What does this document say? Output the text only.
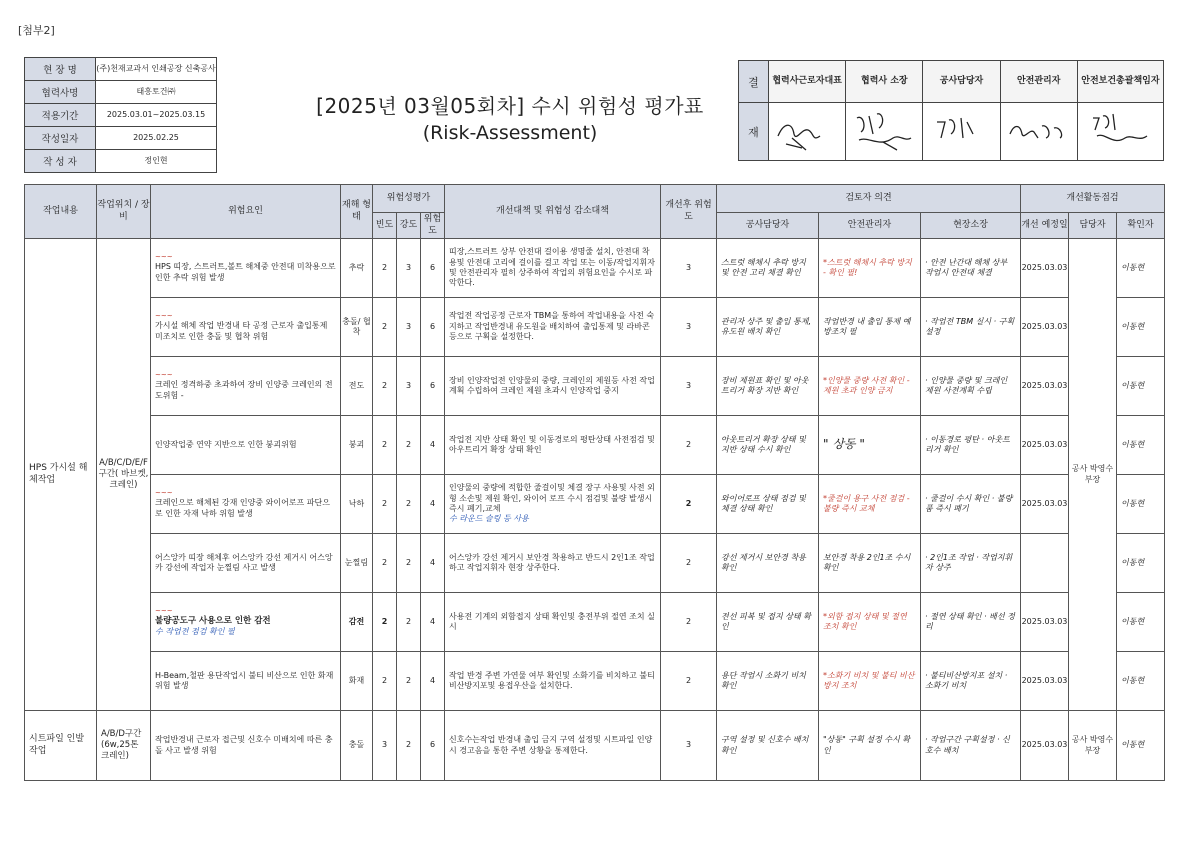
[첨부2]
현 장 명	(주)천재교과서 인쇄공장 신축공사
협력사명	태흥토건㈜
적용기간	2025.03.01~2025.03.15
작성일자	2025.02.25
작 성 자	정인현
[2025년 03월05회차] 수시 위험성 평가표
(Risk-Assessment)
결	협력사근로자대표	협력사 소장	공사담당자	안전관리자	안전보건총괄책임자
재					
작업내용	작업위치 / 장비	위험요인	재해 형태	위험성평가			개선대책 및 위험성 감소대책	개선후 위험도	검토자 의견			개선활동점검		
				빈도	강도	위험도			공사담당자	안전관리자	현장소장	개선 예정일	담당자	확인자
HPS 가시설 해체작업	A/B/C/D/E/F구간( 바브켓, 크레인)	~~~
HPS 띠장, 스트러트,볼트 해체중 안전대 미착용으로 인한 추락 위험 발생	추락	2	3	6	띠장,스트러트 상부 안전대 걸이용 생명줄 설치, 안전대 착용및 안전대 고리에 걸이를 걸고 작업 또는 이동/작업지휘자및 안전관리자 필히 상주하여 작업의 위험요인을 수시로 파악한다.	3	스트럿 해체시 추락 방지 및 안전 고리 체결 확인	*스트럿 해체시 추락 방지 - 확인 필!	· 안전 난간대 해체 상부 작업시 안전대 체결	2025.03.03	공사 박영수부장	이동현

		~~~
가시설 해체 작업 반경내 타 공정 근로자 출입통제 미조치로 인한 충돌 및 협착 위험	충돌/ 협착	2	3	6	작업전 작업공정 근로자 TBM을 통하여 작업내용을 사전 숙지하고 작업반경내 유도원을 배치하여 출입통제 및 라바콘등으로 구획을 설정한다.	3	관리자 상주 및 출입 통제, 유도원 배치 확인	작업반경 내 출입 통제 예방조치 필	· 작업전 TBM 실시 · 구획 설정	2025.03.03		이동현

		~~~
크레인 정격하중 초과하여 장비 인양중 크레인의 전도위험 -	전도	2	3	6	장비 인양작업전 인양물의 중량, 크레인의 제원등 사전 작업계획 수립하여 크레인 제원 초과시 인양작업 중지	3	장비 제원표 확인 및 아웃트리거 확장 지반 확인	*인양물 중량 사전 확인 - 제원 초과 인양 금지	· 인양물 중량 및 크레인 제원 사전계획 수립	2025.03.03		이동현
		인양작업중 연약 지반으로 인한 붕괴위험	붕괴	2	2	4	작업전 지반 상태 확인 및 이동경로의 평탄상태 사전점검 및 아우트리거 확장 상태 확인	2	아웃트리거 확장 상태 및 지반 상태 수시 확인	" 상동 "	· 이동경로 평탄 · 아웃트리거 확인	2025.03.03		이동현

		~~~
크레인으로 해체된 강재 인양중 와이어로프 파단으로 인한 자재 낙하 위험 발생	낙하	2	2	4	인양물의 중량에 적합한 줄걸이및 체결 장구 사용및 사전 외형 소손및 제원 확인, 와이어 로프 수시 점검및 불량 발생시 즉시 폐기,교체
수 라운드 슬링 등 사용	2	와이어로프 상태 점검 및 체결 상태 확인	*줄걸이 용구 사전 점검 - 불량 즉시 교체	· 줄걸이 수시 확인 · 불량품 즉시 폐기	2025.03.03		이동현
		어스앙카 띠장 해체후 어스앙카 강선 제거시 어스앙카 강선에 작업자 눈찔림 사고 발생	눈찔림	2	2	4	어스앙카 강선 제거시 보안경 착용하고 반드시 2인1조 작업하고 작업지휘자 현장 상주한다.	2	강선 제거시 보안경 착용 확인	보안경 착용 2인1조 수시 확인	· 2인1조 작업 · 작업지휘자 상주			이동현

		~~~
불량공도구 사용으로 인한 감전
수 작업전 점검 확인 필	감전	2	2	4	사용전 기계의 외함접지 상태 확인및 충전부위 절연 조치 실시	2	전선 피복 및 접지 상태 확인	*외함 접지 상태 및 절연 조치 확인	· 절연 상태 확인 · 배선 정리	2025.03.03		이동현
		H-Beam,철판 용단작업시 불티 비산으로 인한 화재 위험 발생	화재	2	2	4	작업 반경 주변 가연물 여부 확인및 소화기를 비치하고 불티비산방지포및 용접우산을 설치한다.	2	용단 작업시 소화기 비치 확인	*소화기 비치 및 불티 비산 방지 조치	· 불티비산방지포 설치 · 소화기 비치	2025.03.03		이동현
시트파일 인발작업	A/B/D구간 (6w,25톤크레인)	작업반경내 근로자 접근및 신호수 미배치에 따른 충돌 사고 발생 위험	충돌	3	2	6	신호수는작업 반경내 출입 금지 구역 설정및 시트파일 인양시 경고음을 통한 주변 상황을 통제한다.	3	구역 설정 및 신호수 배치 확인	"상동" 구획 설정 수시 확인	· 작업구간 구획설정 · 신호수 배치	2025.03.03	공사 박영수부장	이동현
